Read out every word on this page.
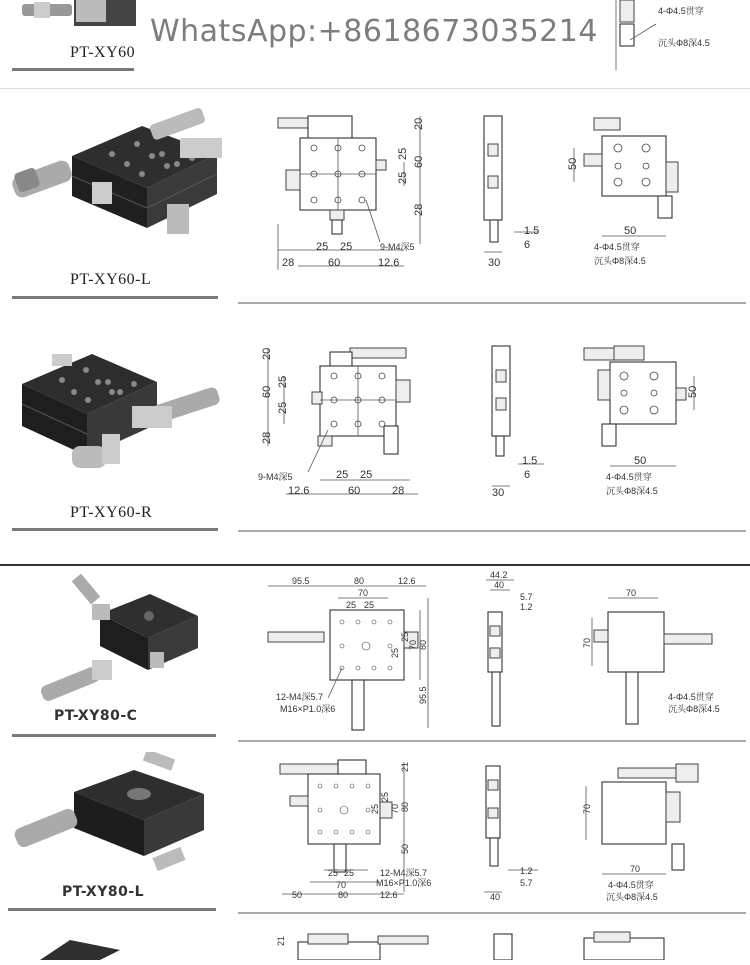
PT-XY60
4-Φ4.5贯穿
沉头Φ8深4.5
WhatsApp:+8618673035214
PT-XY60-L
20
25
60
25
28
25 25
28	60	12.6
9-M4深5
1.5
6
30
50
50
4-Φ4.5贯穿
沉头Φ8深4.5
PT-XY60-R
20
25
60
25
28
25 25
12.6	60	28
9-M4深5
1.5
6
30
50
50
4-Φ4.5贯穿
沉头Φ8深4.5
PT-XY80-C
95.5	80	12.6
70
25 25
25
25
70 80
95.5
12-M4深5.7
M16×P1.0深6
44.2
40
5.7
1.2
70
70
4-Φ4.5贯穿
沉头Φ8深4.5
PT-XY80-L
21
25
25
70 80
50
25 25
70
80
50	12.6
12-M4深5.7
M16×P1.0深6
1.2
5.7
40
70
70
4-Φ4.5贯穿
沉头Φ8深4.5
21
